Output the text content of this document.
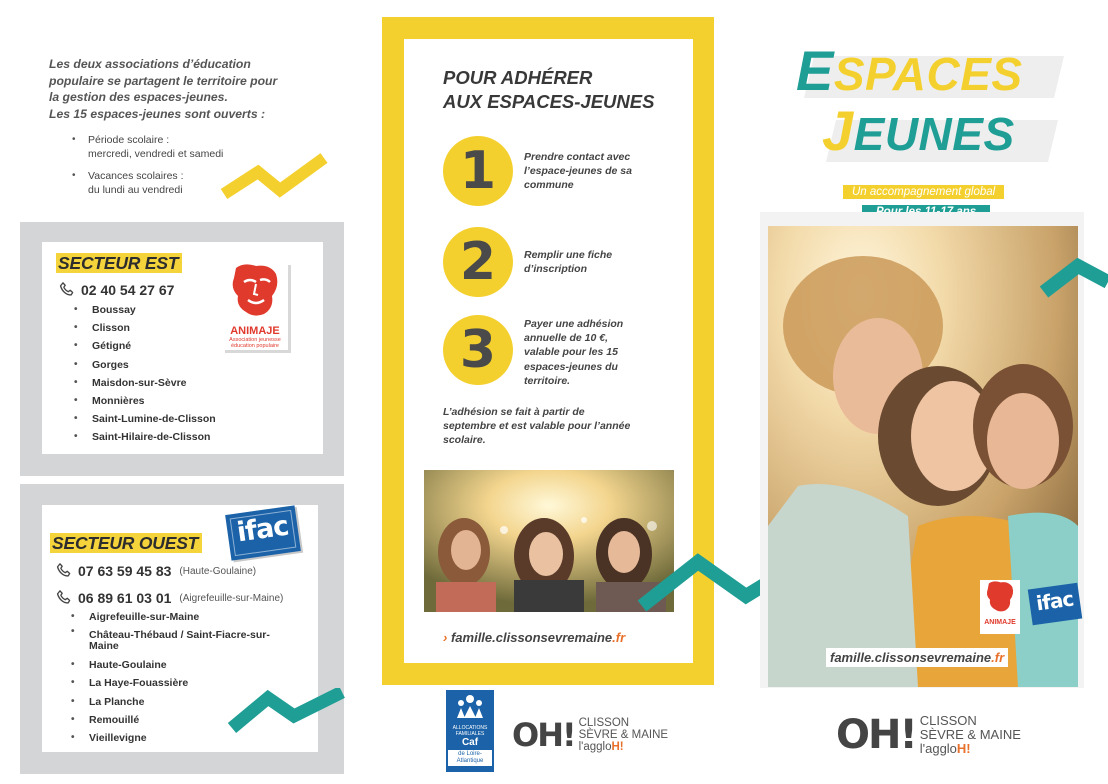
Les deux associations d’éducation

populaire se partagent le territoire pour

la gestion des espaces-jeunes.

Les 15 espaces-jeunes sont ouverts :

• Période scolaire :
mercredi, vendredi et samedi
• Vacances scolaires :
du lundi au vendredi
SECTEUR EST
02 40 54 27 67
• Boussay
• Clisson
• Gétigné
• Gorges
• Maisdon-sur-Sèvre
• Monnières
• Saint-Lumine-de-Clisson
• Saint-Hilaire-de-Clisson
ANIMAJE
Association jeunesse
éducation populaire
SECTEUR OUEST	ifac
07 63 59 45 83 (Haute-Goulaine)
06 89 61 03 01 (Aigrefeuille-sur-Maine)
• Aigrefeuille-sur-Maine
• Château-Thébaud / Saint-Fiacre-sur-Maine
• Haute-Goulaine
• La Haye-Fouassière
• La Planche
• Remouillé
• Vieillevigne
POUR ADHÉRER
AUX ESPACES-JEUNES
1	Prendre contact avec l’espace-jeunes de sa commune
2	Remplir une fiche d’inscription
3	Payer une adhésion annuelle de 10 €, valable pour les 15 espaces-jeunes du territoire.
L’adhésion se fait à partir de septembre et est valable pour l’année scolaire.
› famille.clissonsevremaine.fr
ESPACES
JEUNES
Un accompagnement global
ANIMAJE
ifac
famille.clissonsevremaine.fr
ALLOCATIONS
FAMILIALES
Caf
de Loire-
Atlantique
OH! CLISSON
SÈVRE & MAINE
l'aggloH!	OH! CLISSON
SÈVRE & MAINE
l'aggloH!
